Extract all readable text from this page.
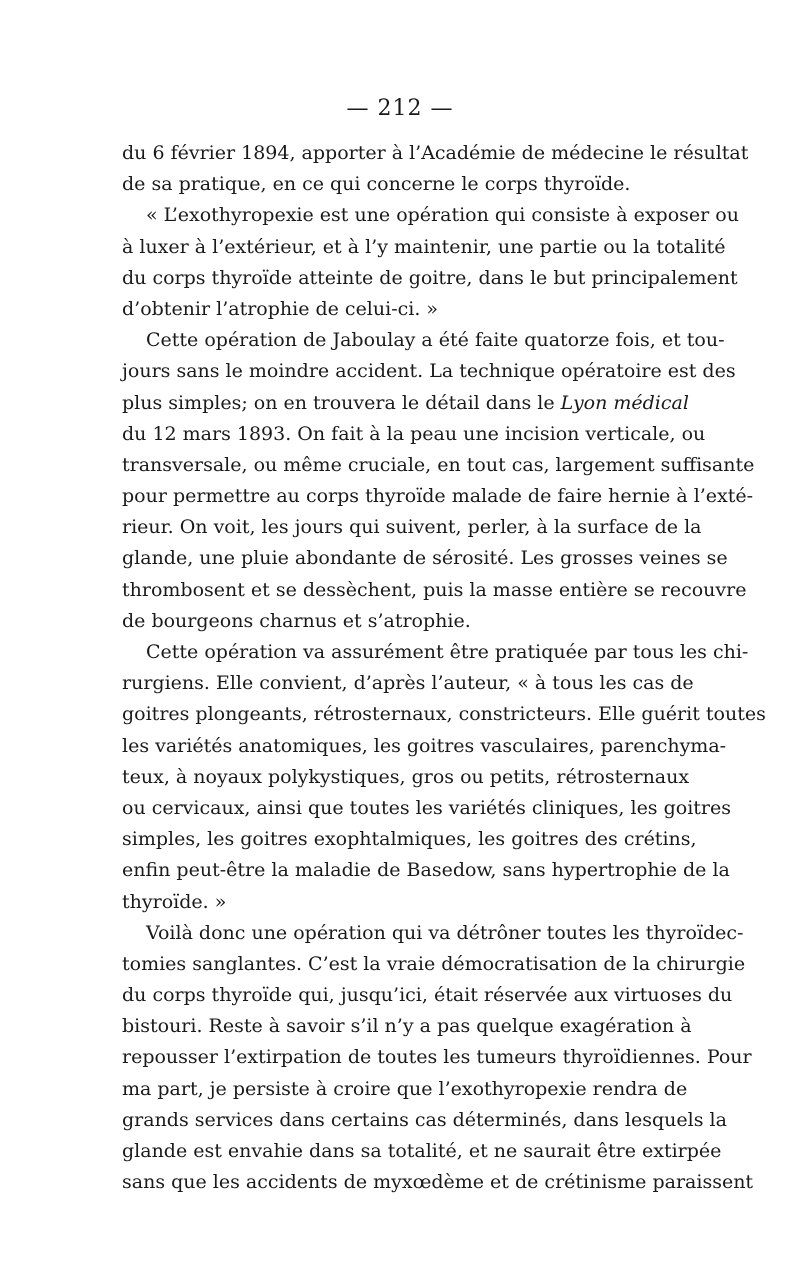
— 212 —
du 6 février 1894, apporter à l’Académie de médecine le résultat
de sa pratique, en ce qui concerne le corps thyroïde.
« L’exothyropexie est une opération qui consiste à exposer ou
à luxer à l’extérieur, et à l’y maintenir, une partie ou la totalité
du corps thyroïde atteinte de goitre, dans le but principalement
d’obtenir l’atrophie de celui-ci. »
Cette opération de Jaboulay a été faite quatorze fois, et tou-
jours sans le moindre accident. La technique opératoire est des
plus simples; on en trouvera le détail dans le Lyon médical
du 12 mars 1893. On fait à la peau une incision verticale, ou
transversale, ou même cruciale, en tout cas, largement suffisante
pour permettre au corps thyroïde malade de faire hernie à l’exté-
rieur. On voit, les jours qui suivent, perler, à la surface de la
glande, une pluie abondante de sérosité. Les grosses veines se
thrombosent et se dessèchent, puis la masse entière se recouvre
de bourgeons charnus et s’atrophie.
Cette opération va assurément être pratiquée par tous les chi-
rurgiens. Elle convient, d’après l’auteur, « à tous les cas de
goitres plongeants, rétrosternaux, constricteurs. Elle guérit toutes
les variétés anatomiques, les goitres vasculaires, parenchyma-
teux, à noyaux polykystiques, gros ou petits, rétrosternaux
ou cervicaux, ainsi que toutes les variétés cliniques, les goitres
simples, les goitres exophtalmiques, les goitres des crétins,
enfin peut-être la maladie de Basedow, sans hypertrophie de la
thyroïde. »
Voilà donc une opération qui va détrôner toutes les thyroïdec-
tomies sanglantes. C’est la vraie démocratisation de la chirurgie
du corps thyroïde qui, jusqu’ici, était réservée aux virtuoses du
bistouri. Reste à savoir s’il n’y a pas quelque exagération à
repousser l’extirpation de toutes les tumeurs thyroïdiennes. Pour
ma part, je persiste à croire que l’exothyropexie rendra de
grands services dans certains cas déterminés, dans lesquels la
glande est envahie dans sa totalité, et ne saurait être extirpée
sans que les accidents de myxœdème et de crétinisme paraissent
